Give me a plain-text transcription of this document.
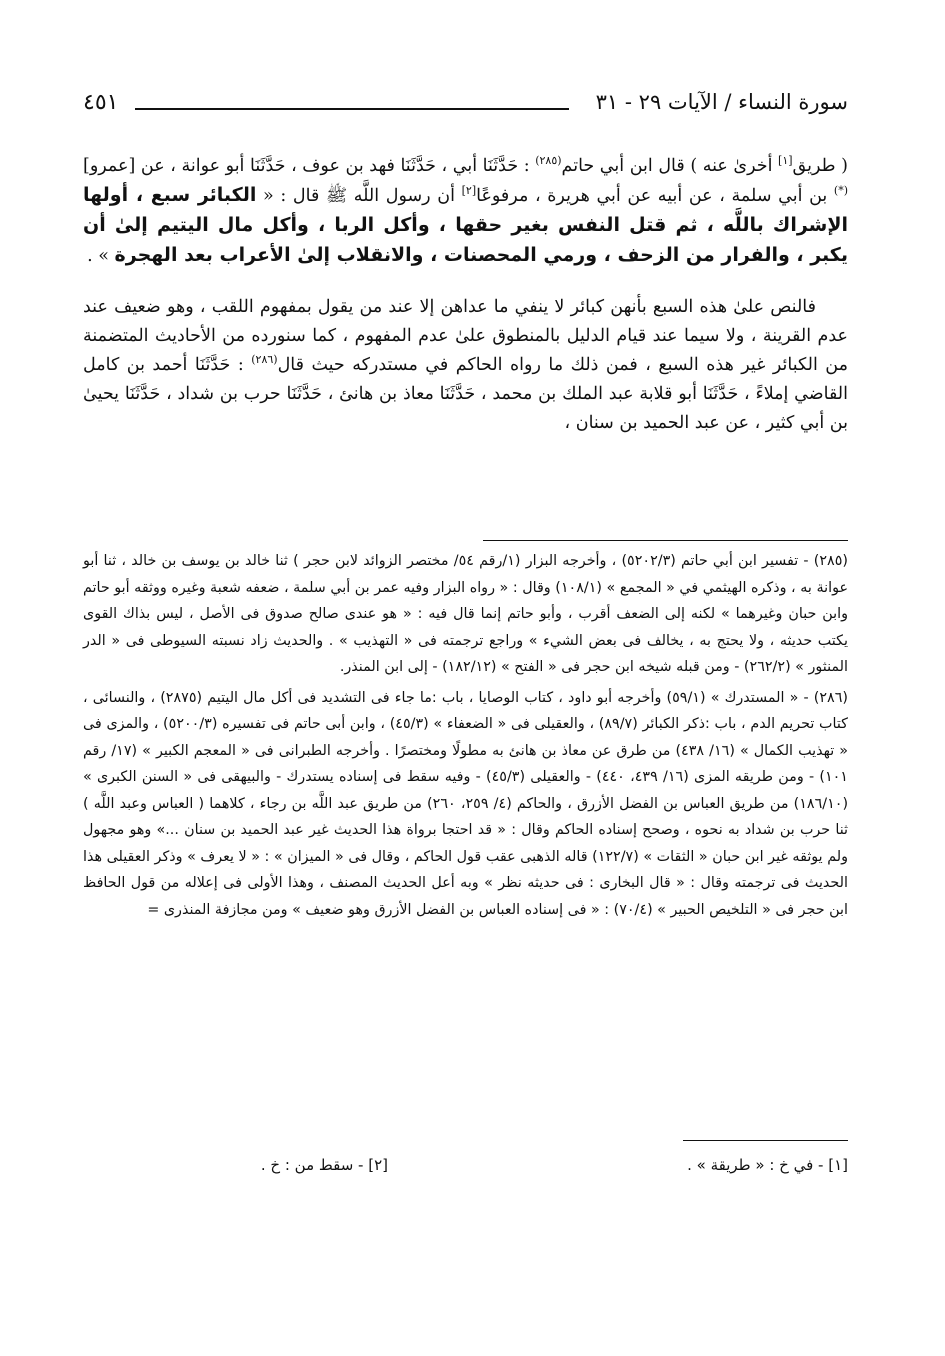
٤٥١	سورة النساء / الآيات ٢٩ - ٣١

( طريق[١] أخرىٰ عنه ) قال ابن أبي حاتم$^{(٢٨٥)}$ : حَدَّثَنَا أبي ، حَدَّثَنَا فهد بن عوف ، حَدَّثَنَا أبو عوانة ، عن [عمرو](*) بن أبي سلمة ، عن أبيه عن أبي هريرة ، مرفوعًا[٢] أن رسول اللَّه ﷺ قال : « الكبائر سبع ، أولها الإشراك باللَّه ، ثم قتل النفس بغير حقها ، وأكل الربا ، وأكل مال اليتيم إلىٰ أن يكبر ، والفرار من الزحف ، ورمي المحصنات ، والانقلاب إلىٰ الأعراب بعد الهجرة » .

فالنص علىٰ هذه السبع بأنهن كبائر لا ينفي ما عداهن إلا عند من يقول بمفهوم اللقب ، وهو ضعيف عند عدم القرينة ، ولا سيما عند قيام الدليل بالمنطوق علىٰ عدم المفهوم ، كما سنورده من الأحاديث المتضمنة من الكبائر غير هذه السبع ، فمن ذلك ما رواه الحاكم في مستدركه حيث قال$^{(٢٨٦)}$ : حَدَّثَنَا أحمد بن كامل القاضي إملاءً ، حَدَّثَنَا أبو قلابة عبد الملك بن محمد ، حَدَّثَنَا معاذ بن هانئ ، حَدَّثَنَا حرب بن شداد ، حَدَّثَنَا يحيىٰ بن أبي كثير ، عن عبد الحميد بن سنان ،

(٢٨٥) - تفسير ابن أبي حاتم (٥٢٠٢/٣) ، وأخرجه البزار (١/رقم ٥٤/ مختصر الزوائد لابن حجر ) ثنا خالد بن يوسف بن خالد ، ثنا أبو عوانة به ، وذكره الهيثمي في « المجمع » (١٠٨/١) وقال : « رواه البزار وفيه عمر بن أبي سلمة ، ضعفه شعبة وغيره ووثقه أبو حاتم وابن حبان وغيرهما » لكنه إلى الضعف أقرب ، وأبو حاتم إنما قال فيه : « هو عندى صالح صدوق فى الأصل ، ليس بذاك القوى يكتب حديثه ، ولا يحتج به ، يخالف فى بعض الشيء » وراجع ترجمته فى « التهذيب » . والحديث زاد نسبته السيوطى فى « الدر المنثور » (٢٦٢/٢) - ومن قبله شيخه ابن حجر فى « الفتح » (١٨٢/١٢) - إلى ابن المنذر.

(٢٨٦) - « المستدرك » (٥٩/١) وأخرجه أبو داود ، كتاب الوصايا ، باب :ما جاء فى التشديد فى أكل مال اليتيم (٢٨٧٥) ، والنسائى ، كتاب تحريم الدم ، باب :ذكر الكبائر (٨٩/٧) ، والعقيلى فى « الضعفاء » (٤٥/٣) ، وابن أبى حاتم فى تفسيره (٥٢٠٠/٣) ، والمزى فى « تهذيب الكمال » (١٦/ ٤٣٨) من طرق عن معاذ بن هانئ به مطولًا ومختصرًا . وأخرجه الطبرانى فى « المعجم الكبير » (١٧/ رقم ١٠١) - ومن طريقه المزى (١٦/ ٤٣٩، ٤٤٠) - والعقيلى (٤٥/٣) - وفيه سقط فى إسناده يستدرك - والبيهقى فى « السنن الكبرى » (١٨٦/١٠) من طريق العباس بن الفضل الأزرق ، والحاكم (٤/ ٢٥٩، ٢٦٠) من طريق عبد اللَّه بن رجاء ، كلاهما ( العباس وعبد اللَّه ) ثنا حرب بن شداد به نحوه ، وصحح إسناده الحاكم وقال : « قد احتجا برواة هذا الحديث غير عبد الحميد بن سنان ...» وهو مجهول ولم يوثقه غير ابن حبان « الثقات » (١٢٢/٧) قاله الذهبى عقب قول الحاكم ، وقال فى « الميزان » : « لا يعرف » وذكر العقيلى هذا الحديث فى ترجمته وقال : « قال البخارى : فى حديثه نظر » وبه أعل الحديث المصنف ، وهذا الأولى فى إعلاله من قول الحافظ ابن حجر فى « التلخيص الحبير » (٧٠/٤) : « فى إسناده العباس بن الفضل الأزرق وهو ضعيف » ومن مجازفة المنذرى =

[١] - في خ : « طريقة » .
[٢] - سقط من : خ .
